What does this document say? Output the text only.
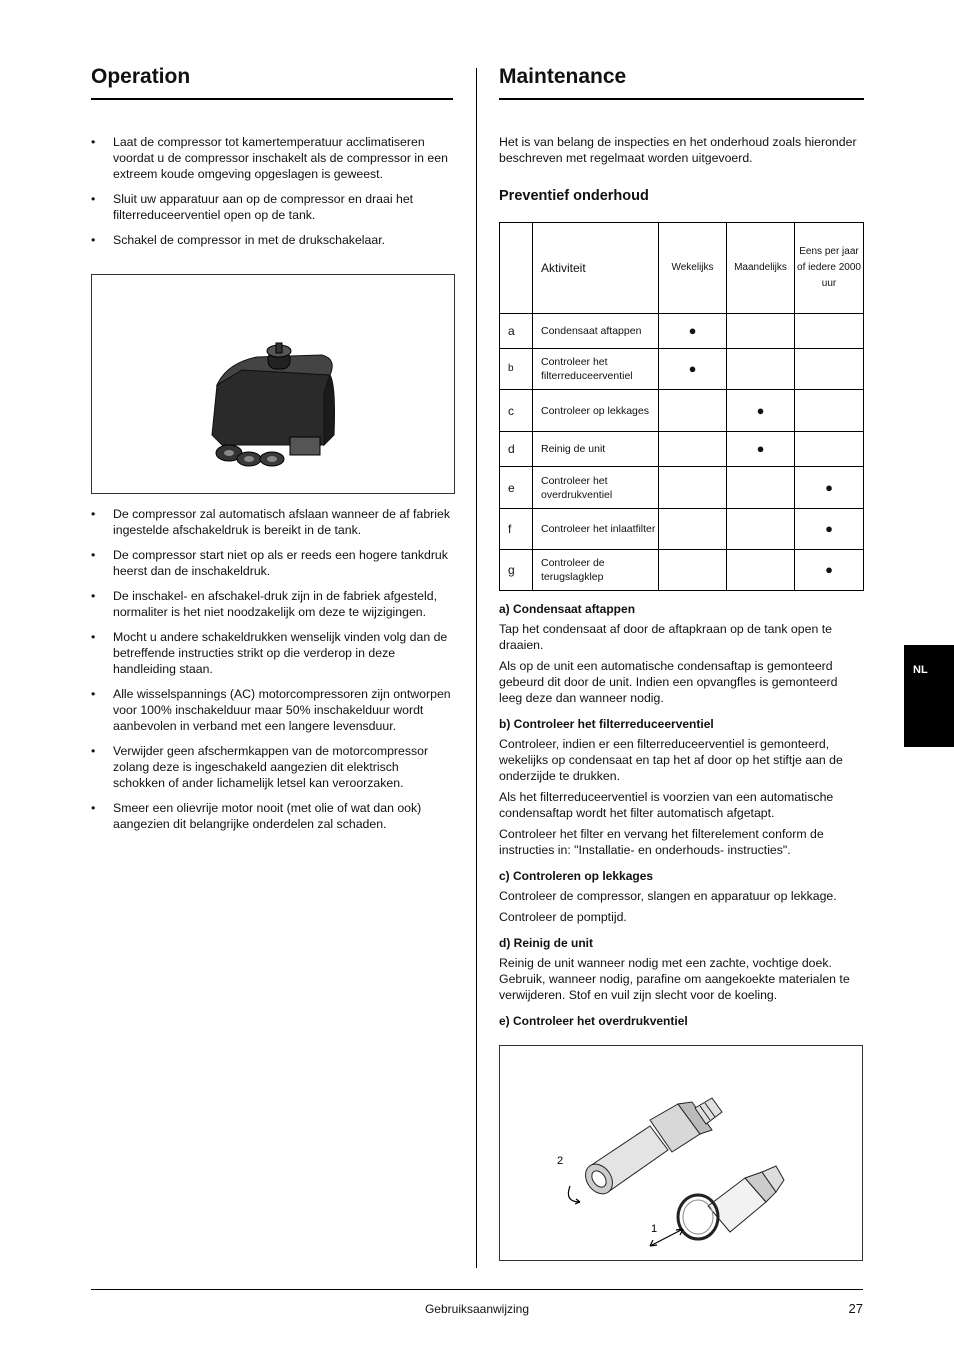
Operation
• Laat de compressor tot kamertemperatuur acclimatiseren voordat u de compressor inschakelt als de compressor in een extreem koude omgeving opgeslagen is geweest.
• Sluit uw apparatuur aan op de compressor en draai het filterreduceerventiel open op de tank.
• Schakel de compressor in met de drukschakelaar.
• De compressor zal automatisch afslaan wanneer de af fabriek ingestelde afschakeldruk is bereikt in de tank.
• De compressor start niet op als er reeds een hogere tankdruk heerst dan de inschakeldruk.
• De inschakel- en afschakel-druk zijn in de fabriek afgesteld, normaliter is het niet noodzakelijk om deze te wijzigingen.
• Mocht u andere schakeldrukken wenselijk vinden volg dan de betreffende instructies strikt op die verderop in deze handleiding staan.
• Alle wisselspannings (AC) motorcompressoren zijn ontworpen voor 100% inschakelduur maar 50% inschakelduur wordt aanbevolen in verband met een langere levensduur.
• Verwijder geen afschermkappen van de motorcompressor zolang deze is ingeschakeld aangezien dit elektrisch schokken of ander lichamelijk letsel kan veroorzaken.
• Smeer een olievrije motor nooit (met olie of wat dan ook) aangezien dit belangrijke onderdelen zal schaden.
Maintenance

Het is van belang de inspecties en het onderhoud zoals hieronder beschreven met regelmaat worden uitgevoerd.

Preventief onderhoud
	Aktiviteit	Wekelijks	Maandelijks	Eens per jaar of iedere 2000 uur
a	Condensaat aftappen	●		
b	Controleer het filterreduceerventiel	●		
c	Controleer op lekkages		●	
d	Reinig de unit		●	
e	Controleer het overdrukventiel			●
f	Controleer het inlaatfilter			●
g	Controleer de terugslagklep			●
a) Condensaat aftappen

Tap het condensaat af door de aftapkraan op de tank open te draaien.

Als op de unit een automatische condensaftap is gemonteerd gebeurd dit door de unit. Indien een opvangfles is gemonteerd leeg deze dan wanneer nodig.

b) Controleer het filterreduceerventiel

Controleer, indien er een filterreduceerventiel is gemonteerd, wekelijks op condensaat en tap het af door op het stiftje aan de onderzijde te drukken.

Als het filterreduceerventiel is voorzien van een automatische condensaftap wordt het filter automatisch afgetapt.

Controleer het filter en vervang het filterelement conform de instructies in: "Installatie- en onderhouds- instructies".

c) Controleren op lekkages

Controleer de compressor, slangen en apparatuur op lekkage.

Controleer de pomptijd.

d) Reinig de unit

Reinig de unit wanneer nodig met een zachte, vochtige doek. Gebruik, wanneer nodig, parafine om aangekoekte materialen te verwijderen. Stof en vuil zijn slecht voor de koeling.

e) Controleer het overdrukventiel
2
1
NL
Gebruiksaanwijzing	27
